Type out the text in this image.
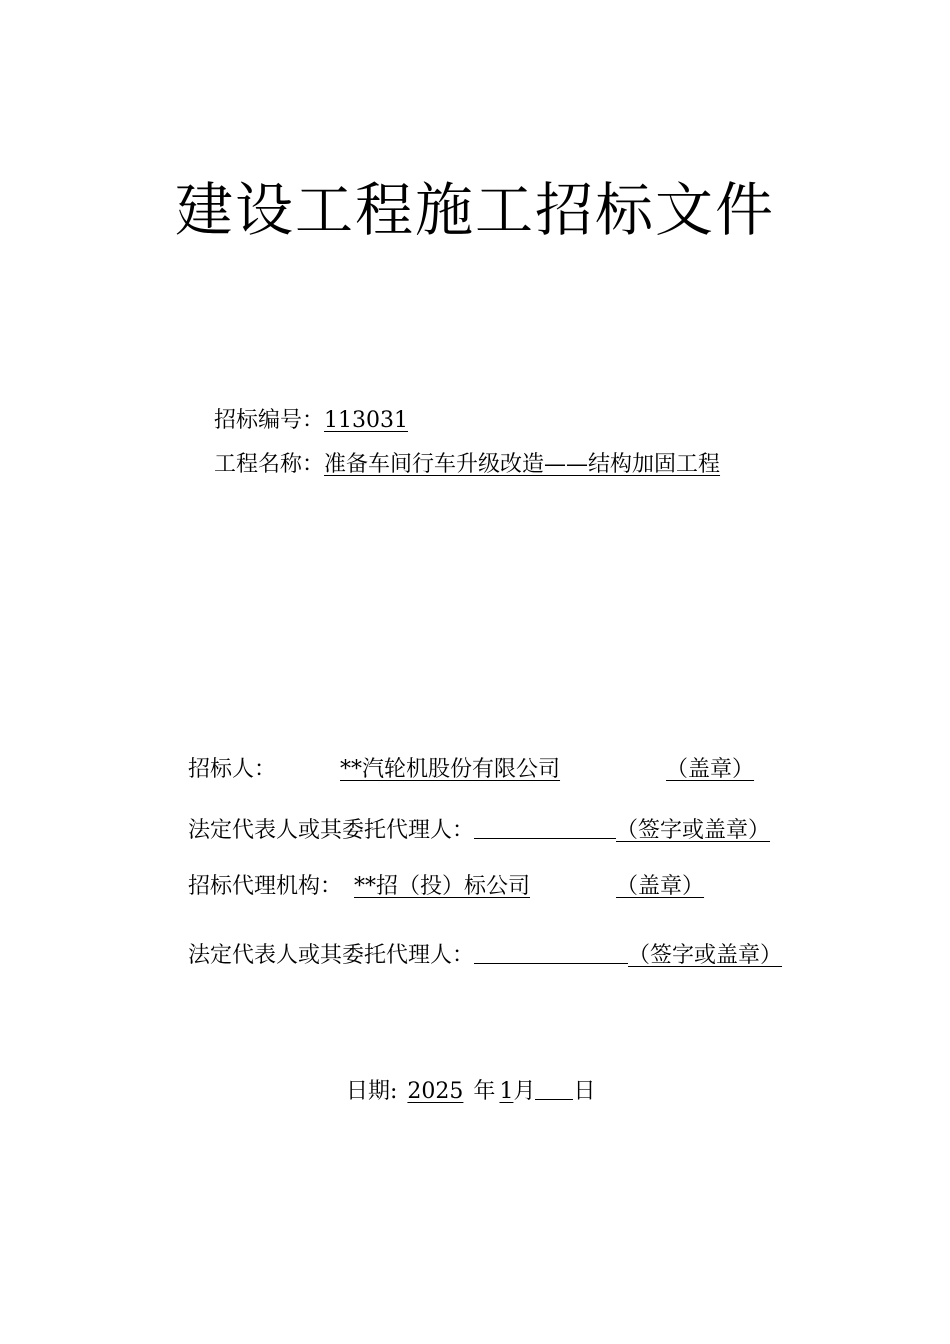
建设工程施工招标文件
招标编号：113031
工程名称：准备车间行车升级改造——结构加固工程
招标人：	**汽轮机股份有限公司	（盖章）
法定代表人或其委托代理人：	（签字或盖章）
招标代理机构： **招（投）标公司	（盖章）
法定代表人或其委托代理人：	（签字或盖章）
日期: 2025 年 1月 日
